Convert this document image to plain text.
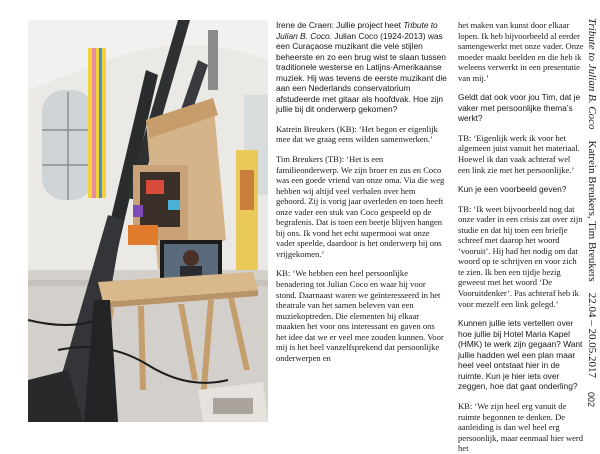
Irene de Craen: Jullie project heet Tribute to Julian B. Coco. Julian Coco (1924-2013) was een Curaçaose muzikant die vele stijlen beheerste en zo een brug wist te slaan tussen traditionele westerse en Latijns-Amerikaanse muziek. Hij was tevens de eerste muzikant die aan een Nederlands conservatorium afstudeerde met gitaar als hoofdvak. Hoe zijn jullie bij dit onderwerp gekomen?

Katrein Breukers (KB): ‘Het begon er eigenlijk mee dat we graag eens wilden samenwerken.’

Tim Breukers (TB): ‘Het is een familieonderwerp. We zijn broer en zus en Coco was een goede vriend van onze oma. Via die weg hebben wij altijd veel verhalen over hem gehoord. Zij is vorig jaar overleden en toen heeft onze vader een stuk van Coco gespeeld op de begrafenis. Dat is toen een beetje blijven hangen bij ons. Ik vond het echt supermooi wat onze vader speelde, daardoor is het onderwerp bij ons vrijgekomen.’

KB: ‘We hebben een heel persoonlijke benadering tot Julian Coco en waar hij voor stond. Daarnaast waren we geïnteresseerd in het theatrale van het samen beleven van een muziekoptreden. Die elementen bij elkaar maakten het voor ons interessant en gaven ons het idee dat we er veel mee zouden kunnen. Voor mij is het heel vanzelfsprekend dat persoonlijke onderwerpen en

het maken van kunst door elkaar lopen. Ik heb bijvoorbeeld al eerder samengewerkt met onze vader. Onze moeder maakt beelden en die heb ik weleens verwerkt in een presentatie van mij.’

Geldt dat ook voor jou Tim, dat je vaker met persoonlijke thema’s werkt?

TB: ‘Eigenlijk werk ik voor het algemeen juist vanuit het materiaal. Hoewel ik dan vaak achteraf wel een link zie met het persoonlijke.’

Kun je een voorbeeld geven?

TB: ‘Ik weet bijvoorbeeld nog dat onze vader in een crisis zat over zijn studie en dat hij toen een briefje schreef met daarop het woord ‘vooruit’. Hij had het nodig om dat woord op te schrijven en voor zich te zien. Ik ben een tijdje bezig geweest met het woord ‘De Vooruitdenker’. Pas achteraf heb ik voor mezelf een link gelegd.’

Kunnen jullie iets vertellen over hoe jullie bij Hotel Maria Kapel (HMK) te werk zijn gegaan? Want jullie hadden wel een plan maar heel veel ontstaat hier in de ruimte. Kun je hier iets over zeggen, hoe dat gaat onderling?

KB: ‘We zijn heel erg vanuit de ruimte begonnen te denken. De aanleiding is dan wel heel erg persoonlijk, maar eenmaal hier werd het

Tribute to Julian B. Coco    Katrein Breukers, Tim Breukers    22.04 – 20.05.2017
002
